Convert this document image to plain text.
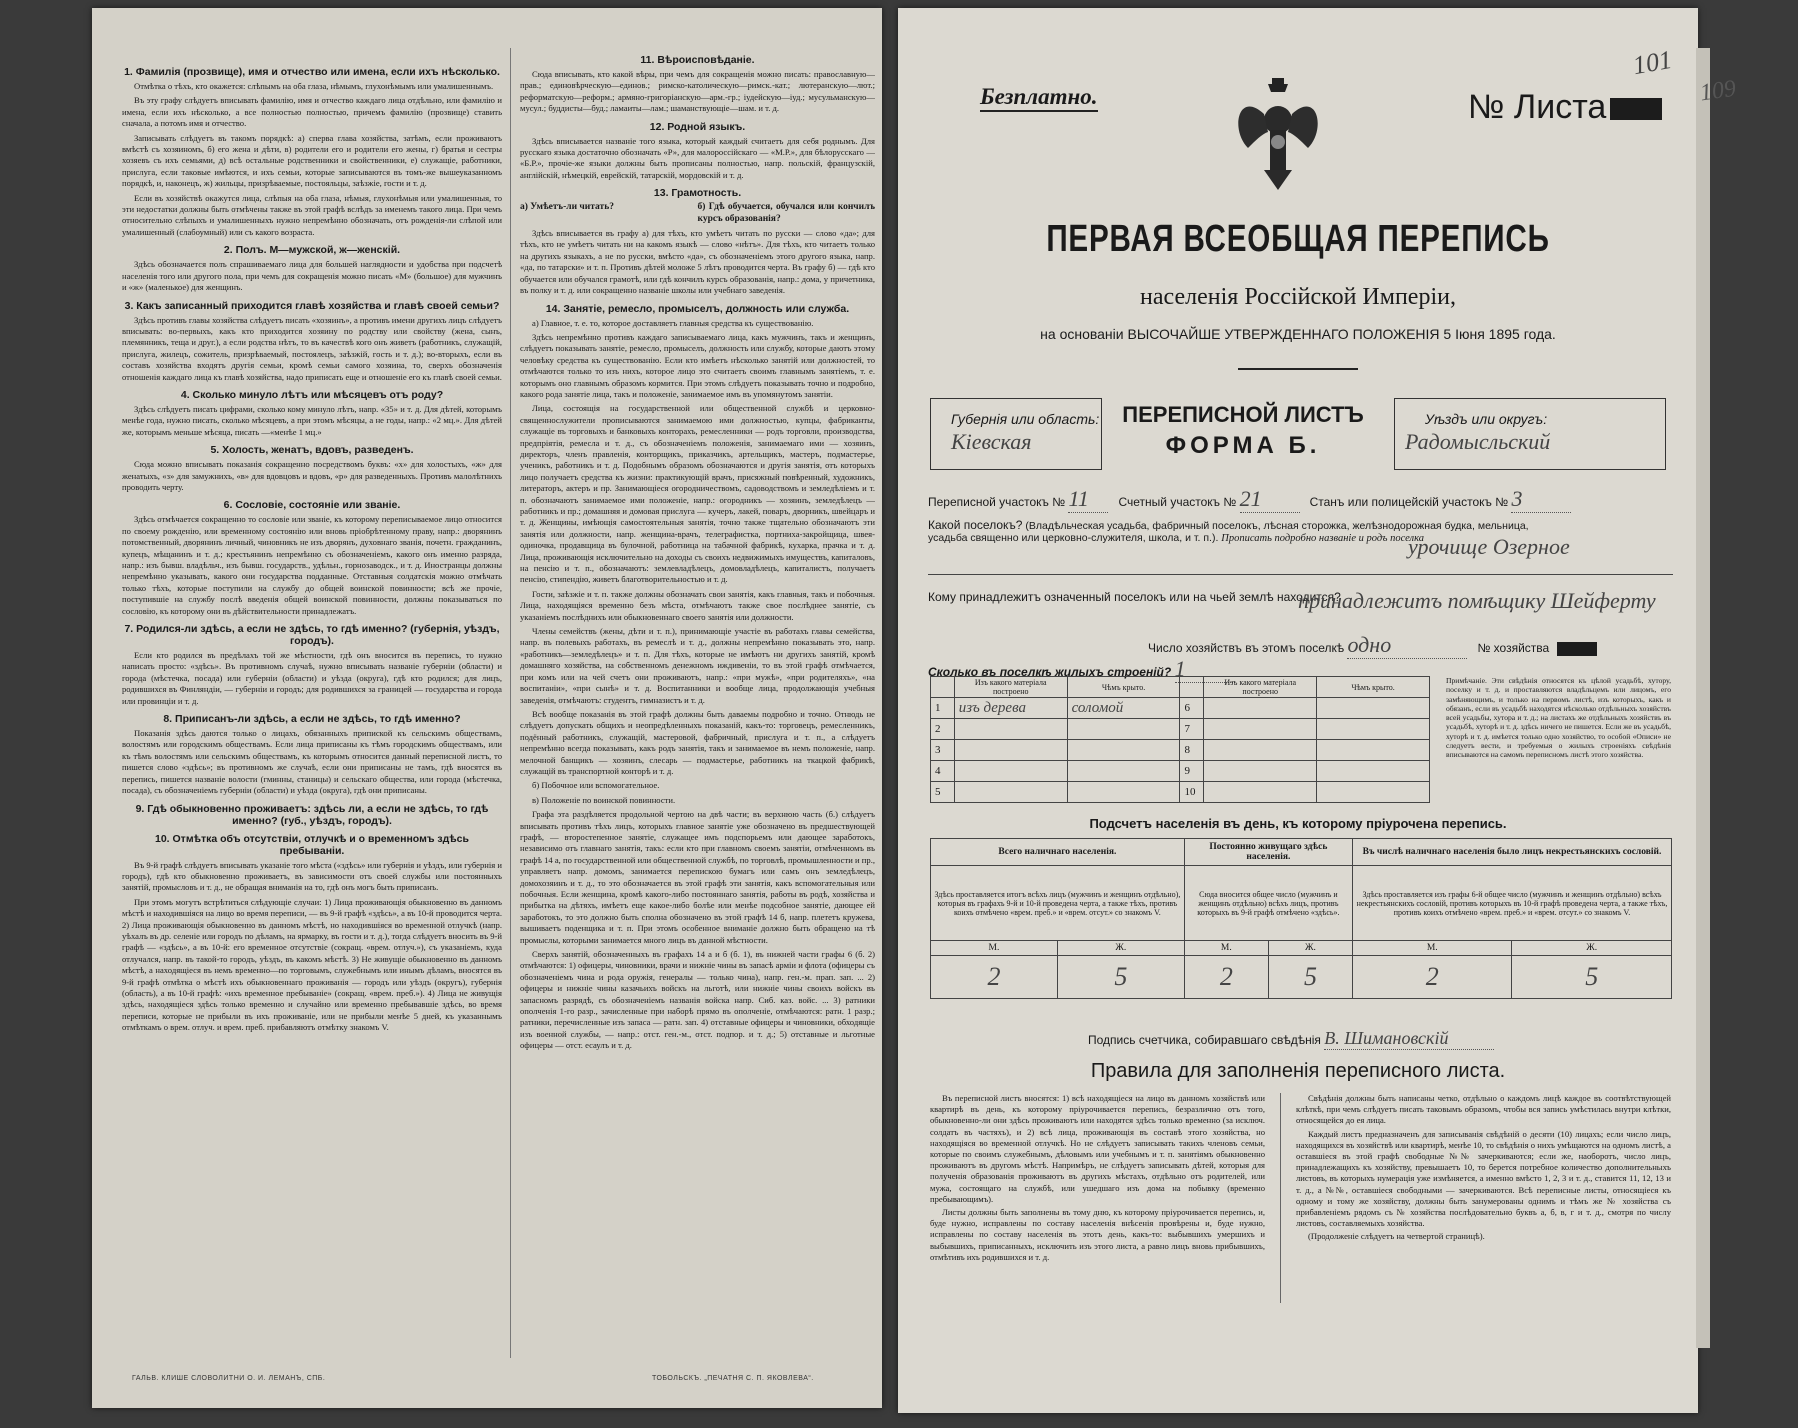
1. Фамилія (прозвище), имя и отчество или имена, если ихъ нѣсколько.

Отмѣтка о тѣхъ, кто окажется: слѣпымъ на оба глаза, нѣмымъ, глухонѣмымъ или умалишеннымъ.

Въ эту графу слѣдуетъ вписывать фамилію, имя и отчество каждаго лица отдѣльно, или фамилію и имена, если ихъ нѣсколько, а все полностью полностью, причемъ фамилію (прозвище) ставить сначала, а потомъ имя и отчество.

Записывать слѣдуетъ въ такомъ порядкѣ: а) сперва глава хозяйства, затѣмъ, если проживаютъ вмѣстѣ съ хозяиномъ, б) его жена и дѣти, в) родители его и родители его жены, г) братья и сестры хозяевъ съ ихъ семьями, д) всѣ остальные родственники и свойственники, е) служащіе, работники, прислуга, если таковые имѣются, и ихъ семьи, которые записываются въ томъ-же вышеуказанномъ порядкѣ, и, наконецъ, ж) жильцы, призрѣваемые, постояльцы, заѣзжіе, гости и т. д.

Если въ хозяйствѣ окажутся лица, слѣпыя на оба глаза, нѣмыя, глухонѣмыя или умалишенныя, то эти недостатки должны быть отмѣчены также въ этой графѣ вслѣдъ за именемъ такого лица. При чемъ относительно слѣпыхъ и умалишенныхъ нужно непремѣнно обозначать, отъ рожденія-ли слѣпой или умалишенный (слабоумный) или съ какого возраста.

2. Полъ. М—мужской, ж—женскій.

Здѣсь обозначается полъ спрашиваемаго лица для большей наглядности и удобства при подсчетѣ населенія того или другого пола, при чемъ для сокращенія можно писать «М» (большое) для мужчинъ и «ж» (маленькое) для женщинъ.

3. Какъ записанный приходится главѣ хозяйства и главѣ своей семьи?

Здѣсь противъ главы хозяйства слѣдуетъ писать «хозяинъ», а противъ имени другихъ лицъ слѣдуетъ вписывать: во-первыхъ, какъ кто приходится хозяину по родству или свойству (жена, сынъ, племянникъ, теща и друг.), а если родства нѣтъ, то въ качествѣ кого онъ живетъ (работникъ, служащій, прислуга, жилецъ, сожитель, призрѣваемый, постоялецъ, заѣзжій, гость и т. д.); во-вторыхъ, если въ составъ хозяйства входятъ другія семьи, кромѣ семьи самого хозяина, то, сверхъ обозначенія отношенія каждаго лица къ главѣ хозяйства, надо приписать еще и отношеніе его къ главѣ своей семьи.

4. Сколько минуло лѣтъ или мѣсяцевъ отъ роду?

Здѣсь слѣдуетъ писать цифрами, сколько кому минуло лѣтъ, напр. «35» и т. д. Для дѣтей, которымъ менѣе года, нужно писать, сколько мѣсяцевъ, а при этомъ мѣсяцы, а не годы, напр.: «2 мц.». Для дѣтей же, которымъ меньше мѣсяца, писать —«менѣе 1 мц.»

5. Холость, женатъ, вдовъ, разведенъ.

Сюда можно вписывать показанія сокращенно посредствомъ буквъ: «х» для холостыхъ, «ж» для женатыхъ, «з» для замужнихъ, «в» для вдовцовъ и вдовъ, «р» для разведенныхъ. Противъ малолѣтнихъ проводить черту.

6. Сословіе, состояніе или званіе.

Здѣсь отмѣчается сокращенно то сословіе или званіе, къ которому переписываемое лицо относится по своему рожденію, или временному состоянію или вновь пріобрѣтенному праву, напр.: дворянинъ потомственный, дворянинъ личный, чиновникъ не изъ дворянъ, духовнаго званія, почетн. гражданинъ, купецъ, мѣщанинъ и т. д.; крестьянинъ непремѣнно съ обозначеніемъ, какого онъ именно разряда, напр.: изъ бывш. владѣльч., изъ бывш. государств., удѣльн., горнозаводск., и т. д. Иностранцы должны непремѣнно указывать, какого они государства подданные. Отставныя солдатскія можно отмѣчать только тѣхъ, которые поступили на службу до общей воинской повинности; всѣ же прочіе, поступившіе на службу послѣ введенія общей воинской повинности, должны показываться по сословію, къ которому они въ дѣйствительности принадлежатъ.

7. Родился-ли здѣсь, а если не здѣсь, то гдѣ именно? (губернія, уѣздъ, городъ).

Если кто родился въ предѣлахъ той же мѣстности, гдѣ онъ вносится въ перепись, то нужно написать просто: «здѣсь». Въ противномъ случаѣ, нужно вписывать названіе губерніи (области) и города (мѣстечка, посада) или губерніи (области) и уѣзда (округа), гдѣ кто родился; для лицъ, родившихся въ Финляндіи, — губерніи и городъ; для родившихся за границей — государства и города или провинціи и т. д.

8. Приписанъ-ли здѣсь, а если не здѣсь, то гдѣ именно?

Показанія здѣсь даются только о лицахъ, обязанныхъ припиской къ сельскимъ обществамъ, волостямъ или городскимъ обществамъ. Если лица приписаны къ тѣмъ городскимъ обществамъ, или къ тѣмъ волостямъ или сельскимъ обществамъ, къ которымъ относится данный переписной листъ, то пишется слово «здѣсь»; въ противномъ же случаѣ, если они приписаны не тамъ, гдѣ вносятся въ перепись, пишется названіе волости (гминны, станицы) и сельскаго общества, или города (мѣстечка, посада), съ обозначеніемъ губерніи (области) и уѣзда (округа), гдѣ они приписаны.

9. Гдѣ обыкновенно проживаетъ: здѣсь ли, а если не здѣсь, то гдѣ именно? (губ., уѣздъ, городъ).
10. Отмѣтка объ отсутствіи, отлучкѣ и о временномъ здѣсь пребываніи.

Въ 9-й графѣ слѣдуетъ вписывать указаніе того мѣста («здѣсь» или губернія и уѣздъ, или губернія и городъ), гдѣ кто обыкновенно проживаетъ, въ зависимости отъ своей службы или постоянныхъ занятій, промысловъ и т. д., не обращая вниманія на то, гдѣ онъ могъ быть приписанъ.

При этомъ могутъ встрѣтиться слѣдующіе случаи: 1) Лица проживающія обыкновенно въ данномъ мѣстѣ и находившіяся на лицо во время переписи, — въ 9-й графѣ «здѣсь», а въ 10-й проводится черта. 2) Лица проживающія обыкновенно въ данномъ мѣстѣ, но находившіяся во временной отлучкѣ (напр. уѣхалъ въ др. селеніе или городъ по дѣламъ, на ярмарку, въ гости и т. д.), тогда слѣдуетъ вносить въ 9-й графѣ — «здѣсь», а въ 10-й: его временное отсутствіе (сокращ. «врем. отлуч.»), съ указаніемъ, куда отлучался, напр. въ такой-то городъ, уѣздъ, въ какомъ мѣстѣ. 3) Не живущіе обыкновенно въ данномъ мѣстѣ, а находящіеся въ немъ временно—по торговымъ, служебнымъ или инымъ дѣламъ, вносятся въ 9-й графѣ отмѣтка о мѣстѣ ихъ обыкновеннаго проживанія — городъ или уѣздъ (округъ), губернія (область), а въ 10-й графѣ: «ихъ временное пребываніе» (сокращ. «врем. преб.»). 4) Лица не живущія здѣсь, находящіеся здѣсь только временно и случайно или временно пребывавшіе здѣсь, во время переписи, которые не прибыли въ ихъ проживаніе, или не прибыли менѣе 5 дней, къ указаннымъ отмѣткамъ о врем. отлуч. и врем. преб. прибавляютъ отмѣтку знакомъ V.

11. Вѣроисповѣданіе.

Сюда вписывать, кто какой вѣры, при чемъ для сокращенія можно писать: православную—прав.; единовѣрческую—единов.; римско-католическую—римск.-кат.; лютеранскую—лют.; реформатскую—реформ.; армяно-григоріанскую—арм.-гр.; іудейскую—іуд.; мусульманскую—мусул.; буддисты—буд.; ламаиты—лам.; шаманствующіе—шам. и т. д.

12. Родной языкъ.

Здѣсь вписывается названіе того языка, который каждый считаетъ для себя роднымъ. Для русскаго языка достаточно обозначать «Р», для малороссійскаго — «М.Р.», для бѣлорусскаго — «Б.Р.», прочіе-же языки должны быть прописаны полностью, напр. польскій, французскій, англійскій, нѣмецкій, еврейскій, татарскій, мордовскій и т. д.

13. Грамотность.
а) Умѣетъ-ли читать?	б) Гдѣ обучается, обучался или кончилъ курсъ образованія?

Здѣсь вписывается въ графу а) для тѣхъ, кто умѣетъ читать по русски — слово «да»; для тѣхъ, кто не умѣетъ читать ни на какомъ языкѣ — слово «нѣтъ». Для тѣхъ, кто читаетъ только на другихъ языкахъ, а не по русски, вмѣсто «да», съ обозначеніемъ этого другого языка, напр. «да, по татарски» и т. п. Противъ дѣтей моложе 5 лѣтъ проводится черта. Въ графу б) — гдѣ кто обучается или обучался грамотѣ, или гдѣ кончилъ курсъ образованія, напр.: дома, у причетника, въ полку и т. д. или сокращенно названіе школы или учебнаго заведенія.

14. Занятіе, ремесло, промыселъ, должность или служба.

а) Главное, т. е. то, которое доставляетъ главныя средства къ существованію.

Здѣсь непремѣнно противъ каждаго записываемаго лица, какъ мужчинъ, такъ и женщинъ, слѣдуетъ показывать занятіе, ремесло, промыселъ, должность или службу, которые даютъ этому человѣку средства къ существованію. Если кто имѣетъ нѣсколько занятій или должностей, то отмѣчаются только то изъ нихъ, которое лицо это считаетъ своимъ главнымъ занятіемъ, т. е. которымъ оно главнымъ образомъ кормится. При этомъ слѣдуетъ показывать точно и подробно, какого рода занятіе лица, такъ и положеніе, занимаемое имъ въ упомянутомъ занятіи.

Лица, состоящія на государственной или общественной службѣ и церковно-священнослужители прописываются занимаемою ими должностью, купцы, фабриканты, служащіе въ торговыхъ и банковыхъ конторахъ, ремесленники — родъ торговли, производства, предпріятія, ремесла и т. д., съ обозначеніемъ положенія, занимаемаго ими — хозяинъ, директоръ, членъ правленія, конторщикъ, приказчикъ, артельщикъ, мастеръ, подмастерье, ученикъ, работникъ и т. д. Подобнымъ образомъ обозначаются и другія занятія, отъ которыхъ лицо получаетъ средства къ жизни: практикующій врачъ, присяжный повѣренный, художникъ, литераторъ, актеръ и пр. Занимающіеся огородничествомъ, садоводствомъ и земледѣліемъ и т. п. обозначаютъ занимаемое ими положеніе, напр.: огородникъ — хозяинъ, земледѣлецъ — работникъ и пр.; домашняя и домовая прислуга — кучеръ, лакей, поваръ, дворникъ, швейцаръ и т. д. Женщины, имѣющія самостоятельныя занятія, точно также тщательно обозначаютъ эти занятія или должности, напр. женщина-врачъ, телеграфистка, портниха-закройщица, швея-одиночка, продавщица въ булочной, работница на табачной фабрикѣ, кухарка, прачка и т. д. Лица, проживающія исключительно на доходы съ своихъ недвижимыхъ имуществъ, капиталовъ, на пенсію и т. п., обозначаютъ: землевладѣлецъ, домовладѣлецъ, капиталистъ, получаетъ пенсію, стипендію, живетъ благотворительностью и т. д.

Гости, заѣзжіе и т. п. также должны обозначать свои занятія, какъ главныя, такъ и побочныя. Лица, находящіяся временно безъ мѣста, отмѣчаютъ также свое послѣднее занятіе, съ указаніемъ послѣднихъ или обыкновеннаго своего занятія или должности.

Члены семействъ (жены, дѣти и т. п.), принимающіе участіе въ работахъ главы семейства, напр. въ полевыхъ работахъ, въ ремеслѣ и т. д., должны непремѣнно показывать это, напр. «работникъ—земледѣлецъ» и т. п. Для тѣхъ, которые не имѣютъ ни другихъ занятій, кромѣ домашняго хозяйства, на собственномъ денежномъ иждивеніи, то въ этой графѣ отмѣчается, при комъ или на чей счетъ они проживаютъ, напр.: «при мужѣ», «при родителяхъ», «на воспитаніи», «при сынѣ» и т. д. Воспитанники и вообще лица, продолжающія учебныя заведенія, отмѣчаютъ: студентъ, гимназистъ и т. д.

Всѣ вообще показанія въ этой графѣ должны быть даваемы подробно и точно. Отнюдь не слѣдуетъ допускать общихъ и неопредѣленныхъ показаній, какъ-то: торговецъ, ремесленникъ, подённый работникъ, служащій, мастеровой, фабричный, прислуга и т. п., а слѣдуетъ непремѣнно всегда показывать, какъ родъ занятія, такъ и занимаемое въ немъ положеніе, напр. мелочной банщикъ — хозяинъ, слесарь — подмастерье, работникъ на ткацкой фабрикѣ, служащій въ транспортной конторѣ и т. д.

б) Побочное или вспомогательное.

в) Положеніе по воинской повинности.

Графа эта раздѣляется продольной чертою на двѣ части; въ верхнюю часть (б.) слѣдуетъ вписывать противъ тѣхъ лицъ, которыхъ главное занятіе уже обозначено въ предшествующей графѣ, — второстепенное занятіе, служащее имъ подспорьемъ или дающее заработокъ, независимо отъ главнаго занятія, такъ: если кто при главномъ своемъ занятіи, отмѣченномъ въ графѣ 14 а, по государственной или общественной службѣ, по торговлѣ, промышленности и пр., управляетъ напр. домомъ, занимается перепискою бумагъ или самъ онъ земледѣлецъ, домохозяинъ и т. д., то это обозначается въ этой графѣ эти занятія, какъ вспомогательныя или побочныя. Если женщина, кромѣ какого-либо постояннаго занятія, работы въ родѣ, хозяйства и прибытка на дѣтяхъ, имѣетъ еще какое-либо болѣе или менѣе подсобное занятіе, дающее ей заработокъ, то это должно быть сполна обозначено въ этой графѣ 14 б, напр. плететъ кружева, вышиваетъ поденщика и т. п. При этомъ особенное вниманіе должно быть обращено на тѣ промыслы, которыми занимается много лицъ въ данной мѣстности.

Сверхъ занятій, обозначенныхъ въ графахъ 14 а и б (б. 1), въ нижней части графы 6 (б. 2) отмѣчаются: 1) офицеры, чиновники, врачи и нижніе чины въ запасѣ арміи и флота (офицеры съ обозначеніемъ чина и рода оружія, генералы — только чина), напр. ген.-м. прап. зап. ... 2) офицеры и нижніе чины казачьихъ войскъ на льготѣ, или нижніе чины своихъ войскъ въ запасномъ разрядѣ, съ обозначеніемъ названія войска напр. Сиб. каз. войс. ... 3) ратники ополченія 1-го разр., зачисленные при наборѣ прямо въ ополченіе, отмѣчаются: ратн. 1 разр.; ратники, перечисленные изъ запаса — ратн. зап. 4) отставные офицеры и чиновники, обходящіе изъ военной службы, — напр.: отст. ген.-м., отст. подпор. и т. д.; 5) отставные и льготные офицеры — отст. есаулъ и т. д.

ГАЛЬВ. КЛИШЕ СЛОВОЛИТНИ О. И. ЛЕМАНЪ, СПБ.	ТОБОЛЬСКЪ. „ПЕЧАТНЯ С. П. ЯКОВЛЕВА“.
101
Безплатно.	№ Листа
ПЕРВАЯ ВСЕОБЩАЯ ПЕРЕПИСЬ
населенія Россійской Имперіи,
на основаніи ВЫСОЧАЙШЕ УТВЕРЖДЕННАГО ПОЛОЖЕНІЯ 5 Іюня 1895 года.
Губернія или область:
Кiевская
ПЕРЕПИСНОЙ ЛИСТЪ
ФОРМА Б.
Уѣздъ или округъ:
Радомысльский
Переписной участокъ № 11 Счетный участокъ № 21	Станъ или полицейскій участокъ № 3
Какой поселокъ? (Владѣльческая усадьба, фабричный поселокъ, лѣсная сторожка, желѣзнодорожная будка, мельница, усадьба священно или церковно-служителя, школа, и т. п.). Прописать подробно названіе и родъ поселка
урочище Озерное
Кому принадлежитъ означенный поселокъ или на чьей землѣ находится?
принадлежитъ помѣщику Шейферту
Число хозяйствъ въ этомъ поселкѣ одно	№ хозяйства
Сколько въ поселкѣ жилыхъ строеній? 1
	Изъ какого матеріала построено	Чѣмъ крыто.		Изъ какого матеріала построено	Чѣмъ крыто.
1	изъ дерева	соломой	6		
2			7		
3			8		
4			9		
5			10		
Примѣчаніе. Эти свѣдѣнія относятся къ цѣлой усадьбѣ, хутору, поселку и т. д. и проставляются владѣльцемъ или лицомъ, его замѣняющимъ, и только на первомъ листѣ, изъ которыхъ, какъ и обязанъ, если въ усадьбѣ находятся нѣсколько отдѣльныхъ хозяйствъ всей усадьбы, хутора и т. д.; на листахъ же отдѣльныхъ хозяйствъ въ усадьбѣ, хуторѣ и т. д. здѣсь ничего не пишется. Если же въ усадьбѣ, хуторѣ и т. д. имѣется только одно хозяйство, то особой «Описи» не следуетъ вести, и требуемыя о жилыхъ строеніяхъ свѣдѣнія вписываются на самомъ переписномъ листѣ этого хозяйства.
Подсчетъ населенія въ день, къ которому пріурочена перепись.
Всего наличнаго населенія.		Постоянно живущаго здѣсь населенія.		Въ числѣ наличнаго населенія было лицъ некрестьянскихъ сословій.	
Здѣсь проставляется итогъ всѣхъ лицъ (мужчинъ и женщинъ отдѣльно), которыя въ графахъ 9-й и 10-й проведена черта, а также тѣхъ, противъ коихъ отмѣчено «врем. преб.» и «врем. отсут.» со знакомъ V.		Сюда вносится общее число (мужчинъ и женщинъ отдѣльно) всѣхъ лицъ, противъ которыхъ въ 9-й графѣ отмѣчено «здѣсь».		Здѣсь проставляется изъ графы 6-й общее число (мужчинъ и женщинъ отдѣльно) всѣхъ некрестьянскихъ сословій, противъ которыхъ въ 10-й графѣ проведена черта, а также тѣхъ, противъ коихъ отмѣчено «врем. преб.» и «врем. отсут.» со знакомъ V.	
М.	Ж.	М.	Ж.	М.	Ж.
2	5	2	5	2	5
Подпись счетчика, собиравшаго свѣдѣнія В. Шимановскій
Правила для заполненія переписного листа.

Въ переписной листъ вносятся: 1) всѣ находящіеся на лицо въ данномъ хозяйствѣ или квартирѣ въ день, къ которому пріурочивается перепись, безразлично отъ того, обыкновенно-ли они здѣсь проживаютъ или находятся здѣсь только временно (за исключ. солдатъ въ частяхъ), и 2) всѣ лица, проживающія въ составѣ этого хозяйства, но находящіяся во временной отлучкѣ. Но не слѣдуетъ записывать такихъ членовъ семьи, которые по своимъ служебнымъ, дѣловымъ или учебнымъ и т. п. занятіямъ обыкновенно проживаютъ въ другомъ мѣстѣ. Напримѣръ, не слѣдуетъ записывать дѣтей, которыя для полученія образованія проживаютъ въ другихъ мѣстахъ, отдѣльно отъ родителей, или мужа, состоящаго на службѣ, или ушедшаго изъ дома на побывку (временно пребывающимъ).

Листы должны быть заполнены въ тому дню, къ которому пріурочивается перепись, и, буде нужно, исправлены по составу населенія внѣсенія провѣрены и, буде нужно, исправлены по составу населенія въ этотъ день, какъ-то: выбывшихъ умершихъ и выбывшихъ, приписанныхъ, исключить изъ этого листа, а равно лицъ вновь прибывшихъ, отмѣтивъ ихъ родившихся и т. д.

Свѣдѣнія должны быть написаны четко, отдѣльно о каждомъ лицѣ каждое въ соотвѣтствующей клѣткѣ, при чемъ слѣдуетъ писать таковымъ образомъ, чтобы вся запись умѣстилась внутри клѣтки, относящейся до ея лица.

Каждый листъ предназначенъ для записыванія свѣдѣній о десяти (10) лицахъ; если число лицъ, находящихся въ хозяйствѣ или квартирѣ, менѣе 10, то свѣдѣнія о нихъ умѣщаются на одномъ листѣ, а оставшіеся въ этой графѣ свободные №№ зачеркиваются; если же, наоборотъ, число лицъ, принадлежащихъ къ хозяйству, превышаетъ 10, то берется потребное количество дополнительныхъ листовъ, въ которыхъ нумерація уже измѣняется, а именно вмѣсто 1, 2, 3 и т. д., ставится 11, 12, 13 и т. д., а №№, оставшіеся свободными — зачеркиваются. Всѣ переписные листы, относящіеся къ одному и тому же хозяйству, должны быть занумерованы однимъ и тѣмъ же № хозяйства съ прибавленіемъ рядомъ съ № хозяйства послѣдовательно буквъ а, б, в, г и т. д., смотря по числу листовъ, составляемыхъ хозяйства.

(Продолженіе слѣдуетъ на четвертой страницѣ).

109
